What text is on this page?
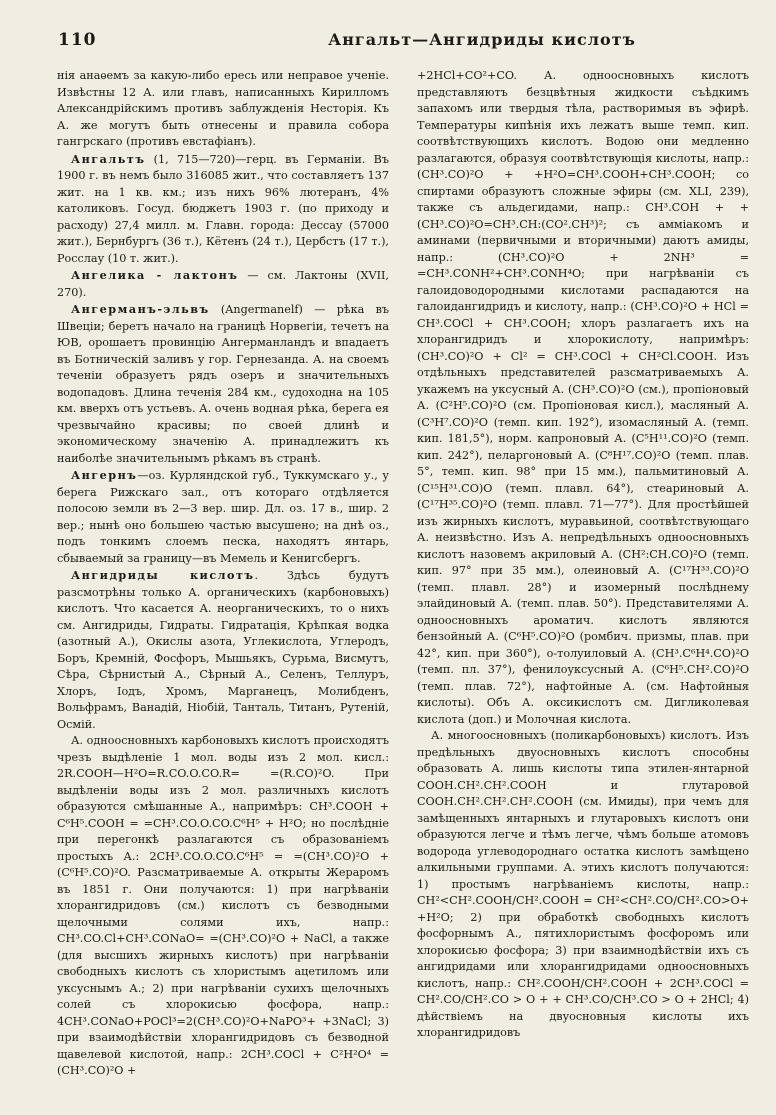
110	Ангальт—Ангидриды кислотъ

нія анаѳемъ за какую-либо ересь или неправое ученіе. Извѣстны 12 А. или главъ, написанныхъ Кирилломъ Александрійскимъ противъ заблужденія Несторія. Къ А. же могутъ быть отнесены и правила собора гангрскаго (противъ евстафіанъ).

Ангальтъ (1, 715—720)—герц. въ Германіи. Въ 1900 г. въ немъ было 316085 жит., что составляетъ 137 жит. на 1 кв. км.; изъ нихъ 96% лютеранъ, 4% католиковъ. Госуд. бюджетъ 1903 г. (по приходу и расходу) 27,4 милл. м. Главн. города: Дессау (57000 жит.), Бернбургъ (36 т.), Кётенъ (24 т.), Цербстъ (17 т.), Росслау (10 т. жит.).

Ангелика - лактонъ — см. Лактоны (XVII, 270).

Ангерманъ-эльвъ (Angermanelf) — рѣка въ Швеціи; беретъ начало на границѣ Норвегіи, течетъ на ЮВ, орошаетъ провинцію Ангерманландъ и впадаетъ въ Ботническій заливъ у гор. Гернезанда. А. на своемъ теченіи образуетъ рядъ озеръ и значительныхъ водопадовъ. Длина теченія 284 км., судоходна на 105 км. вверхъ отъ устьевъ. А. очень водная рѣка, берега ея чрезвычайно красивы; по своей длинѣ и экономическому значенію А. принадлежитъ къ наиболѣе значительнымъ рѣкамъ въ странѣ.

Ангернъ—оз. Курляндской губ., Туккумскаго у., у берега Рижскаго зал., отъ котораго отдѣляется полосою земли въ 2—3 вер. шир. Дл. оз. 17 в., шир. 2 вер.; нынѣ оно большею частью высушено; на днѣ оз., подъ тонкимъ слоемъ песка, находятъ янтарь, сбываемый за границу—въ Мемель и Кенигсбергъ.

Ангидриды кислотъ. Здѣсь будутъ разсмотрѣны только А. органическихъ (карбоновыхъ) кислотъ. Что касается А. неорганическихъ, то о нихъ см. Ангидриды, Гидраты. Гидратація, Крѣпкая водка (азотный А.), Окислы азота, Углекислота, Углеродъ, Боръ, Кремній, Фосфоръ, Мышьякъ, Сурьма, Висмутъ, Сѣра, Сѣрнистый А., Сѣрный А., Селенъ, Теллуръ, Хлоръ, Іодъ, Хромъ, Марганецъ, Молибденъ, Вольфрамъ, Ванадій, Ніобій, Танталь, Титанъ, Рутеній, Осмій.

А. одноосновныхъ карбоновыхъ кислотъ происходятъ чрезъ выдѣленіе 1 мол. воды изъ 2 мол. кисл.: 2R.COOH—H²O=R.CO.O.CO.R= =(R.CO)²O. При выдѣленіи воды изъ 2 мол. различныхъ кислотъ образуются смѣшанные А., напримѣръ: CH³.COOH + C⁶H⁵.COOH = =CH³.CO.O.CO.C⁶H⁵ + H²O; но послѣдніе при перегонкѣ разлагаются съ образованіемъ простыхъ А.: 2CH³.CO.O.CO.C⁶H⁵ = =(CH³.CO)²O + (C⁶H⁵.CO)²O. Разсматриваемые А. открыты Жераромъ въ 1851 г. Они получаются: 1) при нагрѣваніи хлорангидридовъ (см.) кислотъ съ безводными щелочными солями ихъ, напр.: CH³.CO.Cl+CH³.CONaO= =(CH³.CO)²O + NaCl, а также (для высшихъ жирныхъ кислотъ) при нагрѣваніи свободныхъ кислотъ съ хлористымъ ацетиломъ или уксуснымъ А.; 2) при нагрѣваніи сухихъ щелочныхъ солей съ хлорокисью фосфора, напр.: 4CH³.CONaO+POCl³=2(CH³.CO)²O+NaPO³+ +3NaCl; 3) при взаимодѣйствіи хлорангидридовъ съ безводной щавелевой кислотой, напр.: 2CH³.COCl + C²H²O⁴ = (CH³.CO)²O +

+2HCl+CO²+CO. А. одноосновныхъ кислотъ представляютъ безцвѣтныя жидкости съѣдкимъ запахомъ или твердыя тѣла, растворимыя въ эфирѣ. Температуры кипѣнія ихъ лежатъ выше темп. кип. соотвѣтствующихъ кислотъ. Водою они медленно разлагаются, образуя соотвѣтствующія кислоты, напр.: (CH³.CO)²O + +H²O=CH³.COOH+CH³.COOH; со спиртами образуютъ сложные эфиры (см. XLI, 239), также съ альдегидами, напр.: CH³.COH + +(CH³.CO)²O=CH³.CH:(CO².CH³)²; съ аммiакомъ и аминами (первичными и вторичными) даютъ амиды, напр.: (CH³.CO)²O + 2NH³ = =CH³.CONH²+CH³.CONH⁴O; при нагрѣваніи съ галоидоводородными кислотами распадаются на галоидангидридъ и кислоту, напр.: (CH³.CO)²O + HCl = CH³.COCl + CH³.COOH; хлоръ разлагаетъ ихъ на хлорангидридъ и хлорокислоту, напримѣръ: (CH³.CO)²O + Cl² = CH³.COCl + CH²Cl.COOH. Изъ отдѣльныхъ представителей разсматриваемыхъ А. укажемъ на уксусный А. (CH³.CO)²O (см.), пропіоновый А. (C²H⁵.CO)²O (см. Пропіоновая кисл.), масляный А. (C³H⁷.CO)²O (темп. кип. 192°), изомасляный А. (темп. кип. 181,5°), норм. капроновый А. (C⁵H¹¹.CO)²O (темп. кип. 242°), пеларгоновый А. (C⁸H¹⁷.CO)²O (темп. плав. 5°, темп. кип. 98° при 15 мм.), пальмитиновый А. (C¹⁵H³¹.CO)O (темп. плавл. 64°), стеариновый А. (C¹⁷H³⁵.CO)²O (темп. плавл. 71—77°). Для простѣйшей изъ жирныхъ кислотъ, муравьиной, соотвѣтствующаго А. неизвѣстно. Изъ А. непредѣльныхъ одноосновныхъ кислотъ назовемъ акриловый А. (CH²:CH.CO)²O (темп. кип. 97° при 35 мм.), олеиновый А. (C¹⁷H³³.CO)²O (темп. плавл. 28°) и изомерный послѣднему элайдиновый А. (темп. плав. 50°). Представителями А. одноосновныхъ ароматич. кислотъ являются бензойный А. (C⁶H⁵.CO)²O (ромбич. призмы, плав. при 42°, кип. при 360°), о-толуиловый А. (CH³.C⁶H⁴.CO)²O (темп. пл. 37°), фенилоуксусный А. (C⁶H⁵.CH².CO)²O (темп. плав. 72°), нафтойные А. (см. Нафтойныя кислоты). Объ А. оксикислотъ см. Дигликолевая кислота (доп.) и Молочная кислота.

А. многоосновныхъ (поликарбоновыхъ) кислотъ. Изъ предѣльныхъ двуосновныхъ кислотъ способны образовать А. лишь кислоты типа этилен-янтарной COOH.CH².CH².COOH и глутаровой COOH.CH².CH².CH².COOH (см. Имиды), при чемъ для замѣщенныхъ янтарныхъ и глутаровыхъ кислотъ они образуются легче и тѣмъ легче, чѣмъ больше атомовъ водорода углеводороднаго остатка кислотъ замѣщено алкильными группами. А. этихъ кислотъ получаются: 1) простымъ нагрѣваніемъ кислоты, напр.: CH²<CH².COOH/CH².COOH = CH²<CH².CO/CH².CO>O+ +H²O; 2) при обработкѣ свободныхъ кислотъ фосфорнымъ А., пятихлористымъ фосфоромъ или хлорокисью фосфора; 3) при взаимнодѣйствіи ихъ съ ангидридами или хлорангидридами одноосновныхъ кислотъ, напр.: CH².COOH/CH².COOH + 2CH³.COCl = CH².CO/CH².CO > O + + CH³.CO/CH³.CO > O + 2HCl; 4) дѣйствіемъ на двуосновныя кислоты ихъ хлорангидридовъ
